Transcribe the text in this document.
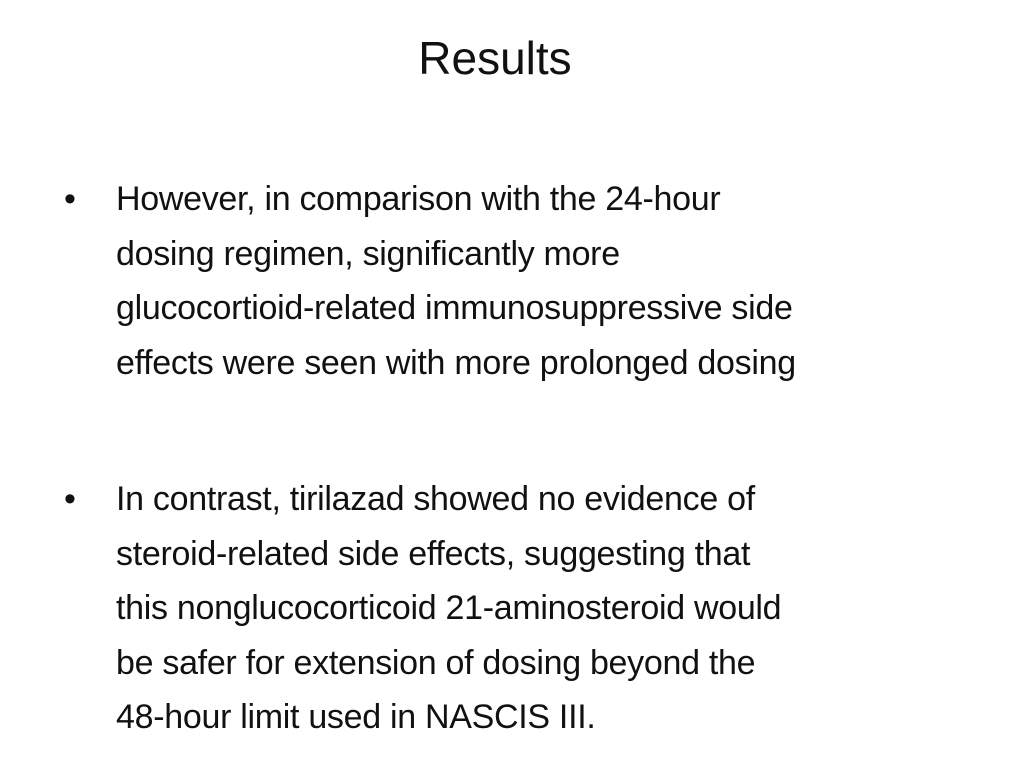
Results
• However, in comparison with the 24-hour
dosing regimen, significantly more
glucocortioid-related immunosuppressive side
effects were seen with more prolonged dosing
• In contrast, tirilazad showed no evidence of
steroid-related side effects, suggesting that
this nonglucocorticoid 21-aminosteroid would
be safer for extension of dosing beyond the
48-hour limit used in NASCIS III.
